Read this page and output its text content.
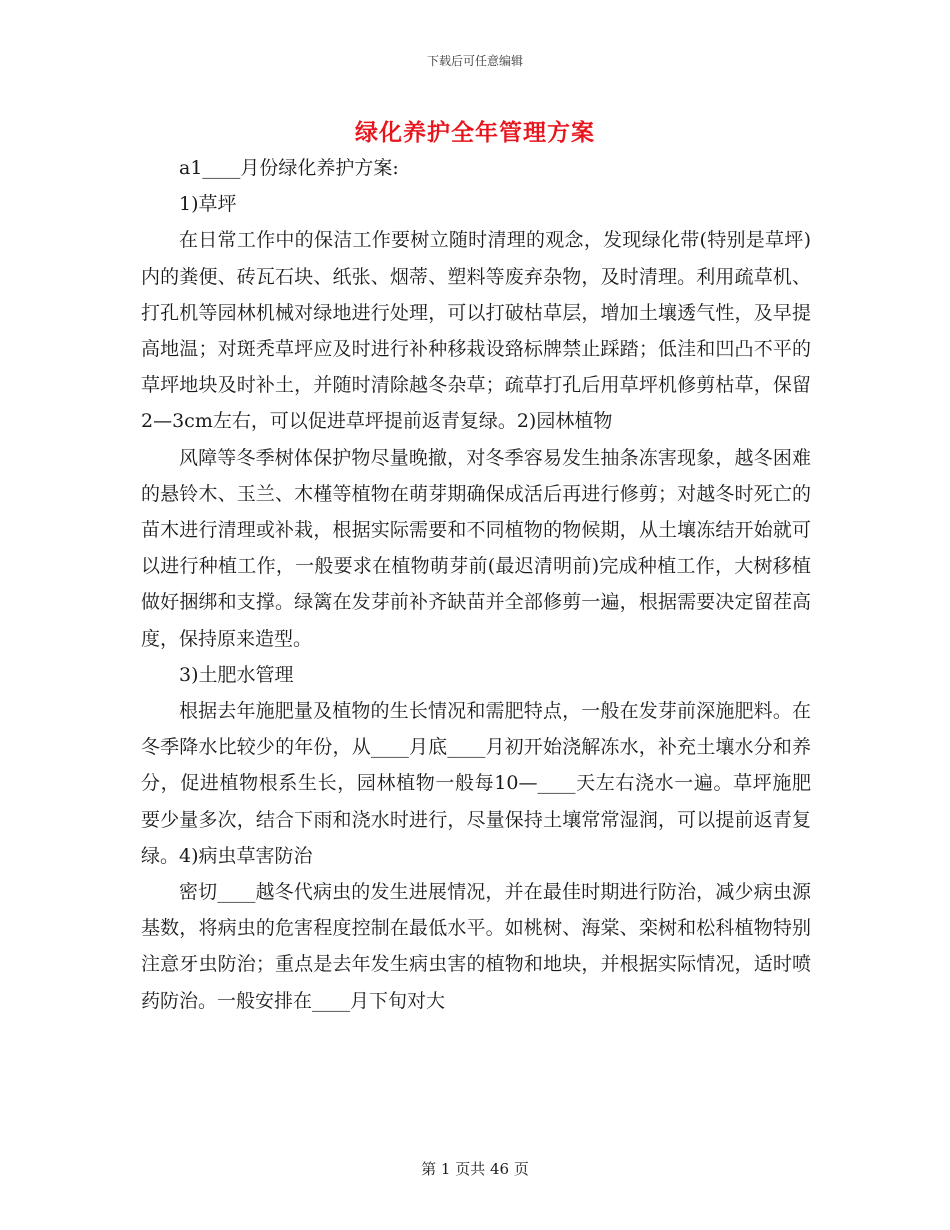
下载后可任意编辑
绿化养护全年管理方案

a1____月份绿化养护方案:

1)草坪

在日常工作中的保洁工作要树立随时清理的观念，发现绿化带(特别是草坪)内的粪便、砖瓦石块、纸张、烟蒂、塑料等废弃杂物，及时清理。利用疏草机、打孔机等园林机械对绿地进行处理，可以打破枯草层，增加土壤透气性，及早提高地温；对斑秃草坪应及时进行补种移栽设臵标牌禁止踩踏；低洼和凹凸不平的草坪地块及时补土，并随时清除越冬杂草；疏草打孔后用草坪机修剪枯草，保留2—3cm左右，可以促进草坪提前返青复绿。2)园林植物

风障等冬季树体保护物尽量晚撤，对冬季容易发生抽条冻害现象，越冬困难的悬铃木、玉兰、木槿等植物在萌芽期确保成活后再进行修剪；对越冬时死亡的苗木进行清理或补栽，根据实际需要和不同植物的物候期，从土壤冻结开始就可以进行种植工作，一般要求在植物萌芽前(最迟清明前)完成种植工作，大树移植做好捆绑和支撑。绿篱在发芽前补齐缺苗并全部修剪一遍，根据需要决定留茬高度，保持原来造型。

3)土肥水管理

根据去年施肥量及植物的生长情况和需肥特点，一般在发芽前深施肥料。在冬季降水比较少的年份，从____月底____月初开始浇解冻水，补充土壤水分和养分，促进植物根系生长，园林植物一般每10—____天左右浇水一遍。草坪施肥要少量多次，结合下雨和浇水时进行，尽量保持土壤常常湿润，可以提前返青复绿。4)病虫草害防治

密切____越冬代病虫的发生进展情况，并在最佳时期进行防治，减少病虫源基数，将病虫的危害程度控制在最低水平。如桃树、海棠、栾树和松科植物特别注意牙虫防治；重点是去年发生病虫害的植物和地块，并根据实际情况，适时喷药防治。一般安排在____月下旬对大

第 1 页共 46 页
